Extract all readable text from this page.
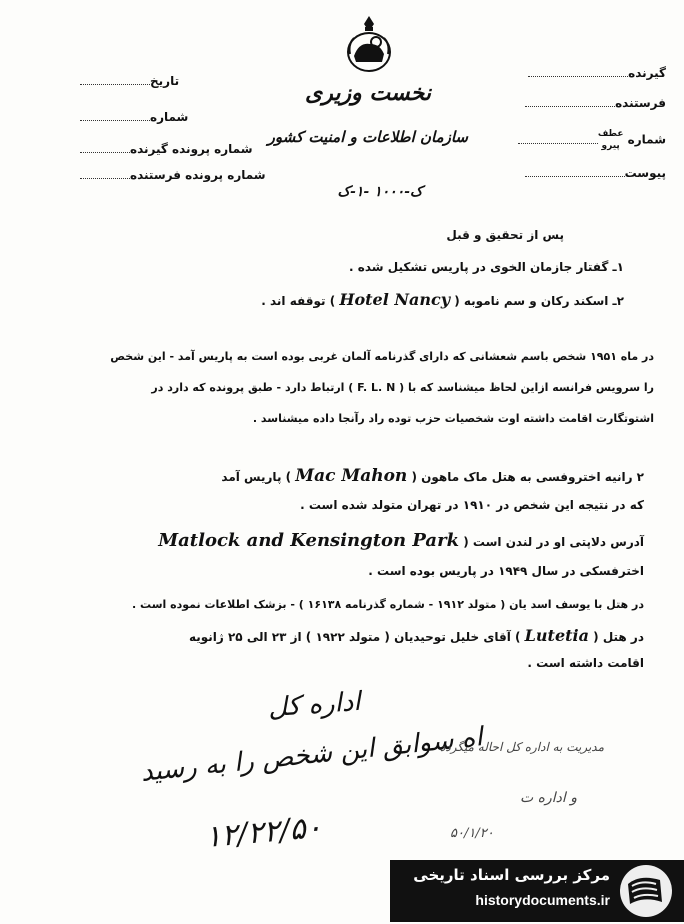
نخست وزیری
سازمان اطلاعات و امنیت کشور
ک-۱۰۰۰ -۱-ک
گیرنده
فرستنده
شماره عطف
پیرو
پیوست
تاریخ
شماره
شماره پرونده گیرنده
شماره پرونده فرستنده
پس از تحقیق و قبل
۱ـ گفتار جازمان الخوی در پاریس تشکیل شده .
۲ـ اسکند رکان و سم ناموبه ( Hotel Nancy ) توقفه اند .
در ماه ۱۹۵۱ شخص باسم شعشانی که دارای گذرنامه آلمان غربی بوده است به پاریس آمد - این شخص
را سرویس فرانسه ازاین لحاظ میشناسد که با ( F. L. N ) ارتباط دارد - طبق پرونده که دارد در
اشتوتگارت اقامت داشته اوت شخصیات حزب توده راد رآنجا داده میشناسد .
۲ رانیه اختروفسی به هتل ماک ماهون ( Mac Mahon ) پاریس آمد
که در نتیجه این شخص در ۱۹۱۰ در تهران متولد شده است .
آدرس دلاپتی او در لندن است ( Matlock and Kensington Park
اخترفسکی در سال ۱۹۴۹ در پاریس بوده است .
در هتل با یوسف اسد یان ( متولد ۱۹۱۲ - شماره گذرنامه ۱۶۱۳۸ ) - بزشک اطلاعات نموده است .
در هتل ( Lutetia ) آقای خلیل توحیدیان ( متولد ۱۹۲۲ ) از ۲۳ الی ۲۵ ژانویه
اقامت داشته است .
اداره کل
اه سوابق این شخص را به رسید
۱۲/۲۲/۵۰
مدیریت به اداره کل احاله میگردد
و اداره ت
۵۰/۱/۲۰
مرکز بررسی اسناد تاریخی
historydocuments.ir
